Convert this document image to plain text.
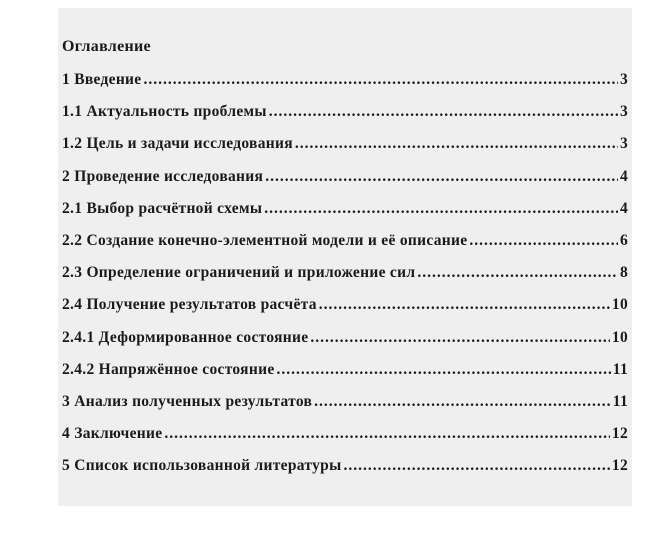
Оглавление
1 Введение .....	3
1.1 Актуальность проблемы .....	3
1.2 Цель и задачи исследования .....	3
2 Проведение исследования .....	4
2.1 Выбор расчётной схемы .....	4
2.2 Создание конечно-элементной модели и её описание .....	6
2.3 Определение ограничений и приложение сил .....	8
2.4 Получение результатов расчёта .....	10
2.4.1 Деформированное состояние .....	10
2.4.2 Напряжённое состояние .....	11
3 Анализ полученных результатов .....	11
4 Заключение .....	12
5 Список использованной литературы .....	12
